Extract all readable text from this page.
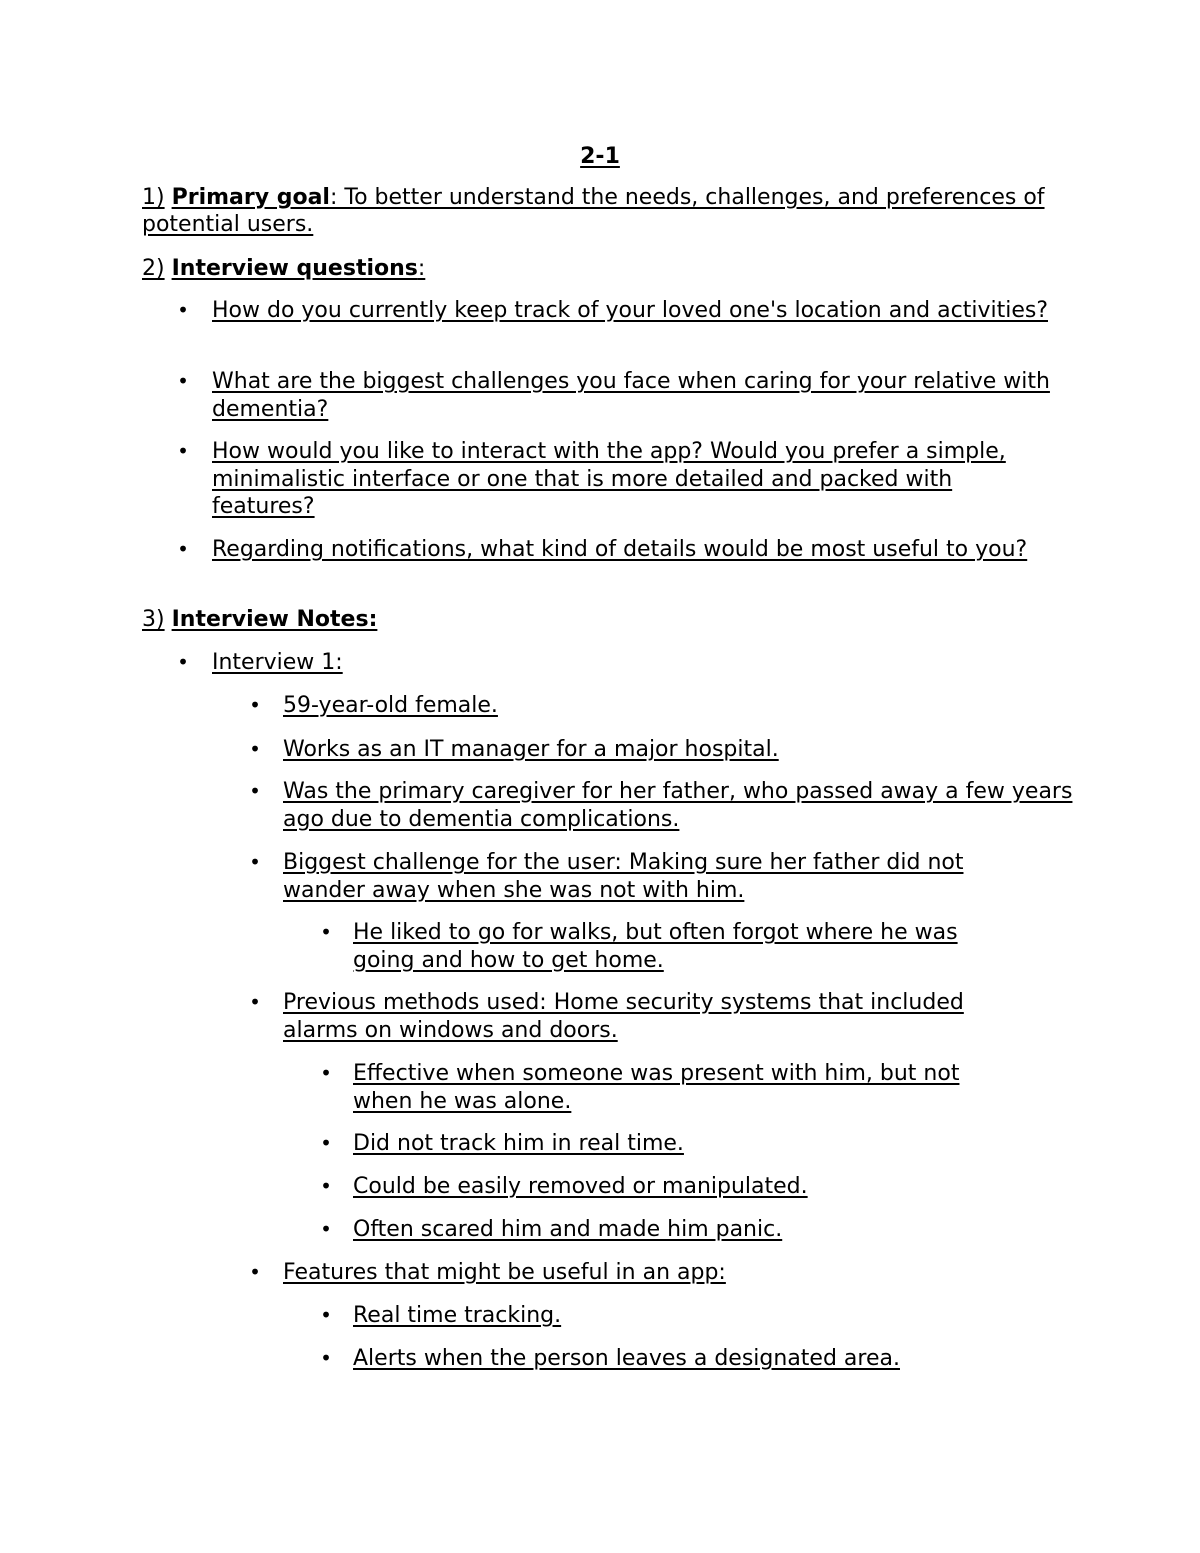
2-1
1) Primary goal: To better understand the needs, challenges, and preferences of potential users.
2) Interview questions:
• How do you currently keep track of your loved one's location and activities?
• What are the biggest challenges you face when caring for your relative with dementia?
• How would you like to interact with the app? Would you prefer a simple, minimalistic interface or one that is more detailed and packed with features?
• Regarding notifications, what kind of details would be most useful to you?
3) Interview Notes:
• Interview 1:
• 59-year-old female.
• Works as an IT manager for a major hospital.
• Was the primary caregiver for her father, who passed away a few years ago due to dementia complications.
• Biggest challenge for the user: Making sure her father did not wander away when she was not with him.
• He liked to go for walks, but often forgot where he was going and how to get home.
• Previous methods used: Home security systems that included alarms on windows and doors.
• Effective when someone was present with him, but not when he was alone.
• Did not track him in real time.
• Could be easily removed or manipulated.
• Often scared him and made him panic.
• Features that might be useful in an app:
• Real time tracking.
• Alerts when the person leaves a designated area.
